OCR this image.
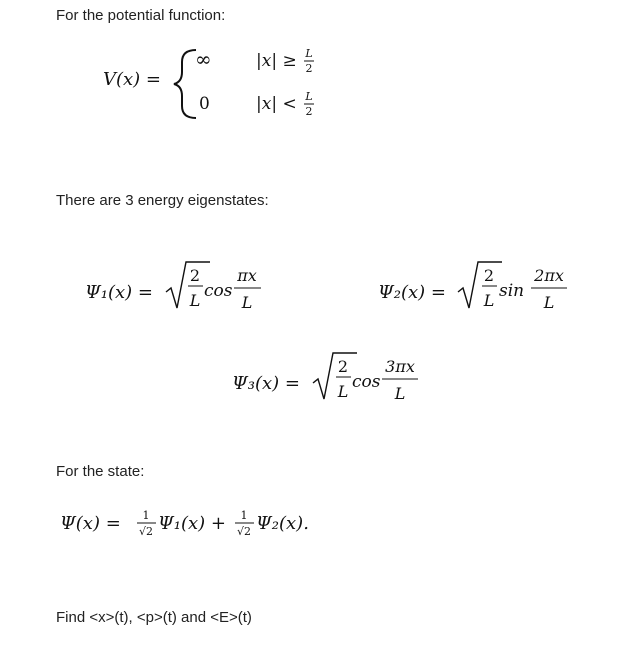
For the potential function:
V(x) =
∞	|x| ≥ L
2
0	|x| < L
2
Ψ₁(x) =
2
L cos
πx
L	Ψ₂(x) =
2
L sin
2πx
L
Ψ₃(x) =
2
L cos
3πx
L
Ψ(x) = 1
√2 Ψ₁(x) + 1
√2 Ψ₂(x).
There are 3 energy eigenstates:
For the state:
Find <x>(t), <p>(t) and <E>(t)
